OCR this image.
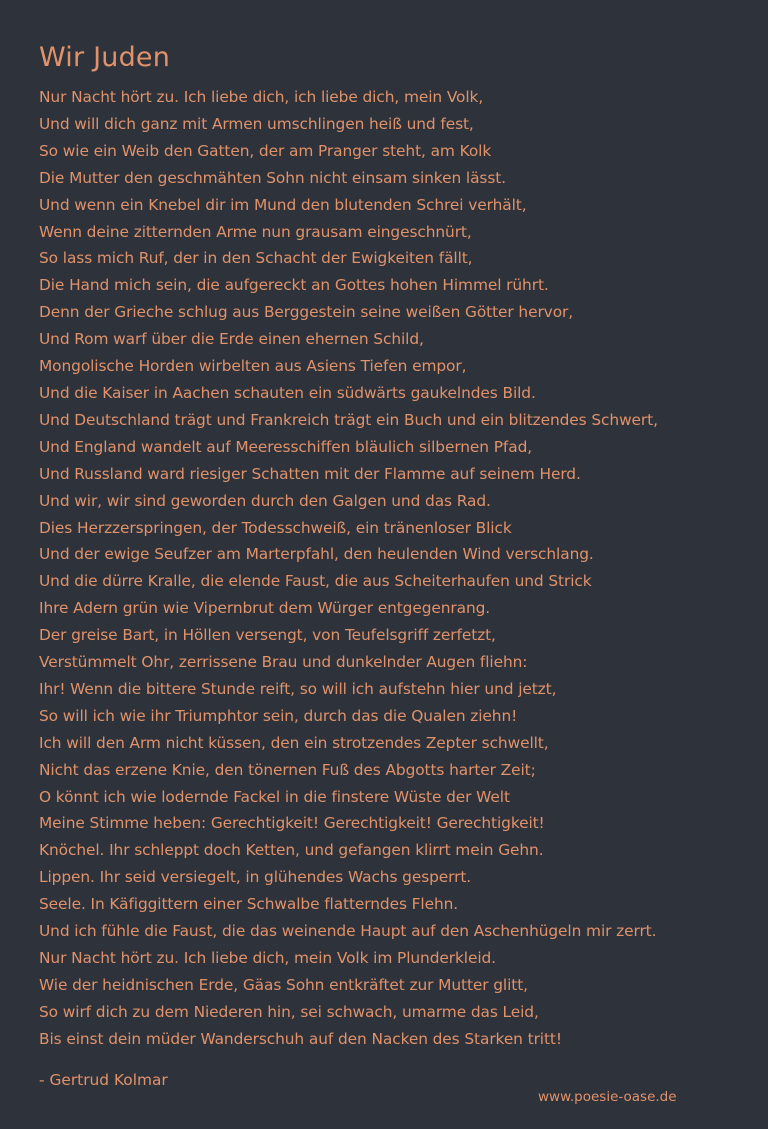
Wir Juden
Nur Nacht hört zu. Ich liebe dich, ich liebe dich, mein Volk,
Und will dich ganz mit Armen umschlingen heiß und fest,
So wie ein Weib den Gatten, der am Pranger steht, am Kolk
Die Mutter den geschmähten Sohn nicht einsam sinken lässt.
Und wenn ein Knebel dir im Mund den blutenden Schrei verhält,
Wenn deine zitternden Arme nun grausam eingeschnürt,
So lass mich Ruf, der in den Schacht der Ewigkeiten fällt,
Die Hand mich sein, die aufgereckt an Gottes hohen Himmel rührt.
Denn der Grieche schlug aus Berggestein seine weißen Götter hervor,
Und Rom warf über die Erde einen ehernen Schild,
Mongolische Horden wirbelten aus Asiens Tiefen empor,
Und die Kaiser in Aachen schauten ein südwärts gaukelndes Bild.
Und Deutschland trägt und Frankreich trägt ein Buch und ein blitzendes Schwert,
Und England wandelt auf Meeresschiffen bläulich silbernen Pfad,
Und Russland ward riesiger Schatten mit der Flamme auf seinem Herd.
Und wir, wir sind geworden durch den Galgen und das Rad.
Dies Herzzerspringen, der Todesschweiß, ein tränenloser Blick
Und der ewige Seufzer am Marterpfahl, den heulenden Wind verschlang.
Und die dürre Kralle, die elende Faust, die aus Scheiterhaufen und Strick
Ihre Adern grün wie Vipernbrut dem Würger entgegenrang.
Der greise Bart, in Höllen versengt, von Teufelsgriff zerfetzt,
Verstümmelt Ohr, zerrissene Brau und dunkelnder Augen fliehn:
Ihr! Wenn die bittere Stunde reift, so will ich aufstehn hier und jetzt,
So will ich wie ihr Triumphtor sein, durch das die Qualen ziehn!
Ich will den Arm nicht küssen, den ein strotzendes Zepter schwellt,
Nicht das erzene Knie, den tönernen Fuß des Abgotts harter Zeit;
O könnt ich wie lodernde Fackel in die finstere Wüste der Welt
Meine Stimme heben: Gerechtigkeit! Gerechtigkeit! Gerechtigkeit!
Knöchel. Ihr schleppt doch Ketten, und gefangen klirrt mein Gehn.
Lippen. Ihr seid versiegelt, in glühendes Wachs gesperrt.
Seele. In Käfiggittern einer Schwalbe flatterndes Flehn.
Und ich fühle die Faust, die das weinende Haupt auf den Aschenhügeln mir zerrt.
Nur Nacht hört zu. Ich liebe dich, mein Volk im Plunderkleid.
Wie der heidnischen Erde, Gäas Sohn entkräftet zur Mutter glitt,
So wirf dich zu dem Niederen hin, sei schwach, umarme das Leid,
Bis einst dein müder Wanderschuh auf den Nacken des Starken tritt!
- Gertrud Kolmar
www.poesie-oase.de
